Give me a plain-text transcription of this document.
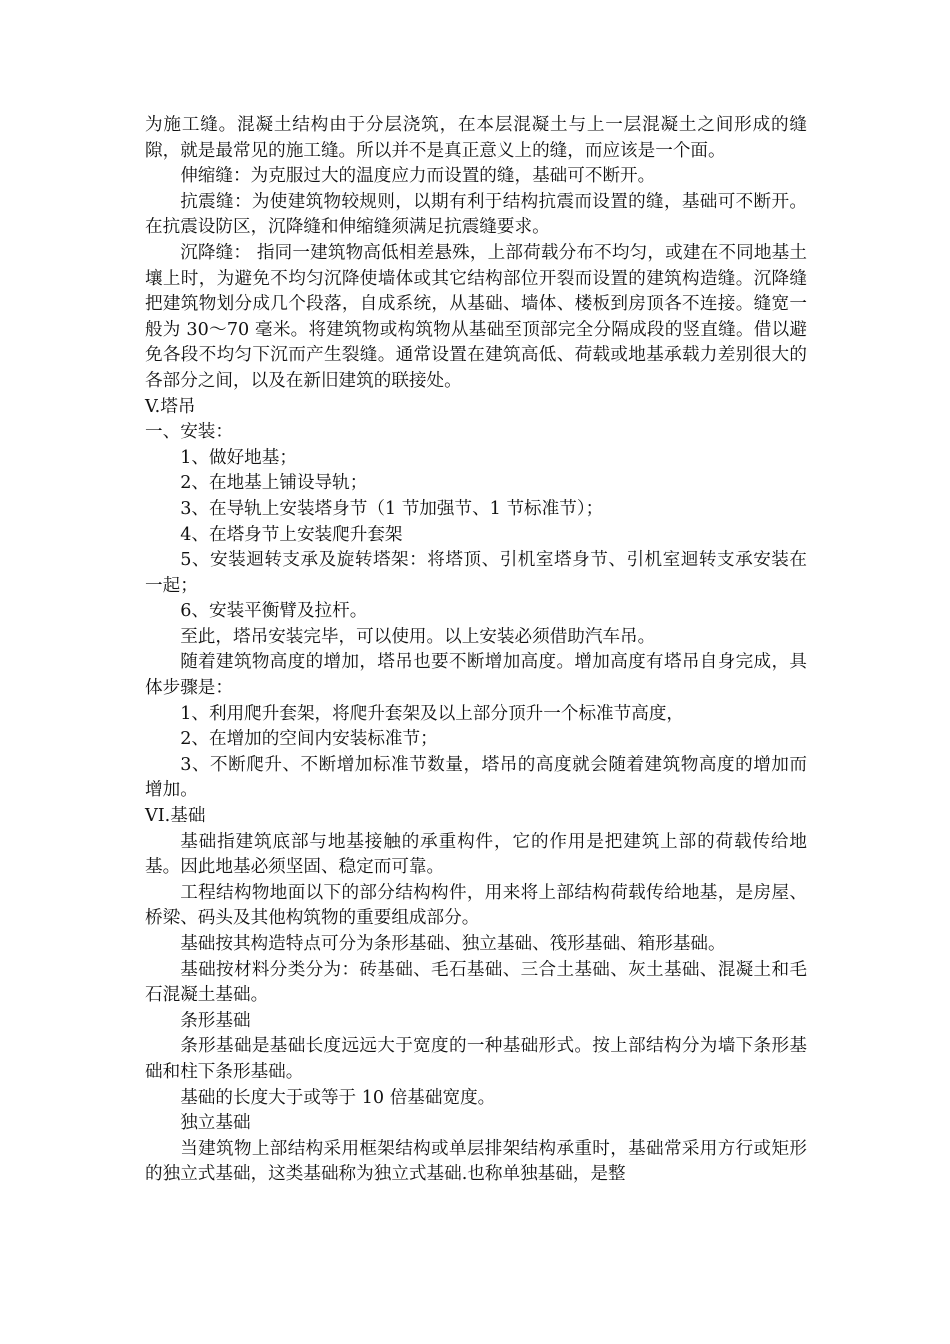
为施工缝。混凝土结构由于分层浇筑，在本层混凝土与上一层混凝土之间形成的缝隙，就是最常见的施工缝。所以并不是真正意义上的缝，而应该是一个面。

伸缩缝：为克服过大的温度应力而设置的缝，基础可不断开。

抗震缝：为使建筑物较规则，以期有利于结构抗震而设置的缝，基础可不断开。在抗震设防区，沉降缝和伸缩缝须满足抗震缝要求。

沉降缝： 指同一建筑物高低相差悬殊，上部荷载分布不均匀，或建在不同地基土壤上时，为避免不均匀沉降使墙体或其它结构部位开裂而设置的建筑构造缝。沉降缝把建筑物划分成几个段落，自成系统，从基础、墙体、楼板到房顶各不连接。缝宽一般为 30～70 毫米。将建筑物或构筑物从基础至顶部完全分隔成段的竖直缝。借以避免各段不均匀下沉而产生裂缝。通常设置在建筑高低、荷载或地基承载力差别很大的各部分之间，以及在新旧建筑的联接处。

V.塔吊

一、安装：

1、做好地基；

2、在地基上铺设导轨；

3、在导轨上安装塔身节（1 节加强节、1 节标准节）；

4、在塔身节上安装爬升套架

5、安装迴转支承及旋转塔架：将塔顶、引机室塔身节、引机室迴转支承安装在一起；

6、安装平衡臂及拉杆。

至此，塔吊安装完毕，可以使用。以上安装必须借助汽车吊。

随着建筑物高度的增加，塔吊也要不断增加高度。增加高度有塔吊自身完成，具体步骤是：

1、利用爬升套架，将爬升套架及以上部分顶升一个标准节高度，

2、在增加的空间内安装标准节；

3、不断爬升、不断增加标准节数量，塔吊的高度就会随着建筑物高度的增加而增加。

VI.基础

基础指建筑底部与地基接触的承重构件，它的作用是把建筑上部的荷载传给地基。因此地基必须坚固、稳定而可靠。

工程结构物地面以下的部分结构构件，用来将上部结构荷载传给地基，是房屋、桥梁、码头及其他构筑物的重要组成部分。

基础按其构造特点可分为条形基础、独立基础、筏形基础、箱形基础。

基础按材料分类分为：砖基础、毛石基础、三合土基础、灰土基础、混凝土和毛石混凝土基础。

条形基础

条形基础是基础长度远远大于宽度的一种基础形式。按上部结构分为墙下条形基础和柱下条形基础。

基础的长度大于或等于 10 倍基础宽度。

独立基础

当建筑物上部结构采用框架结构或单层排架结构承重时，基础常采用方行或矩形的独立式基础，这类基础称为独立式基础.也称单独基础，是整
